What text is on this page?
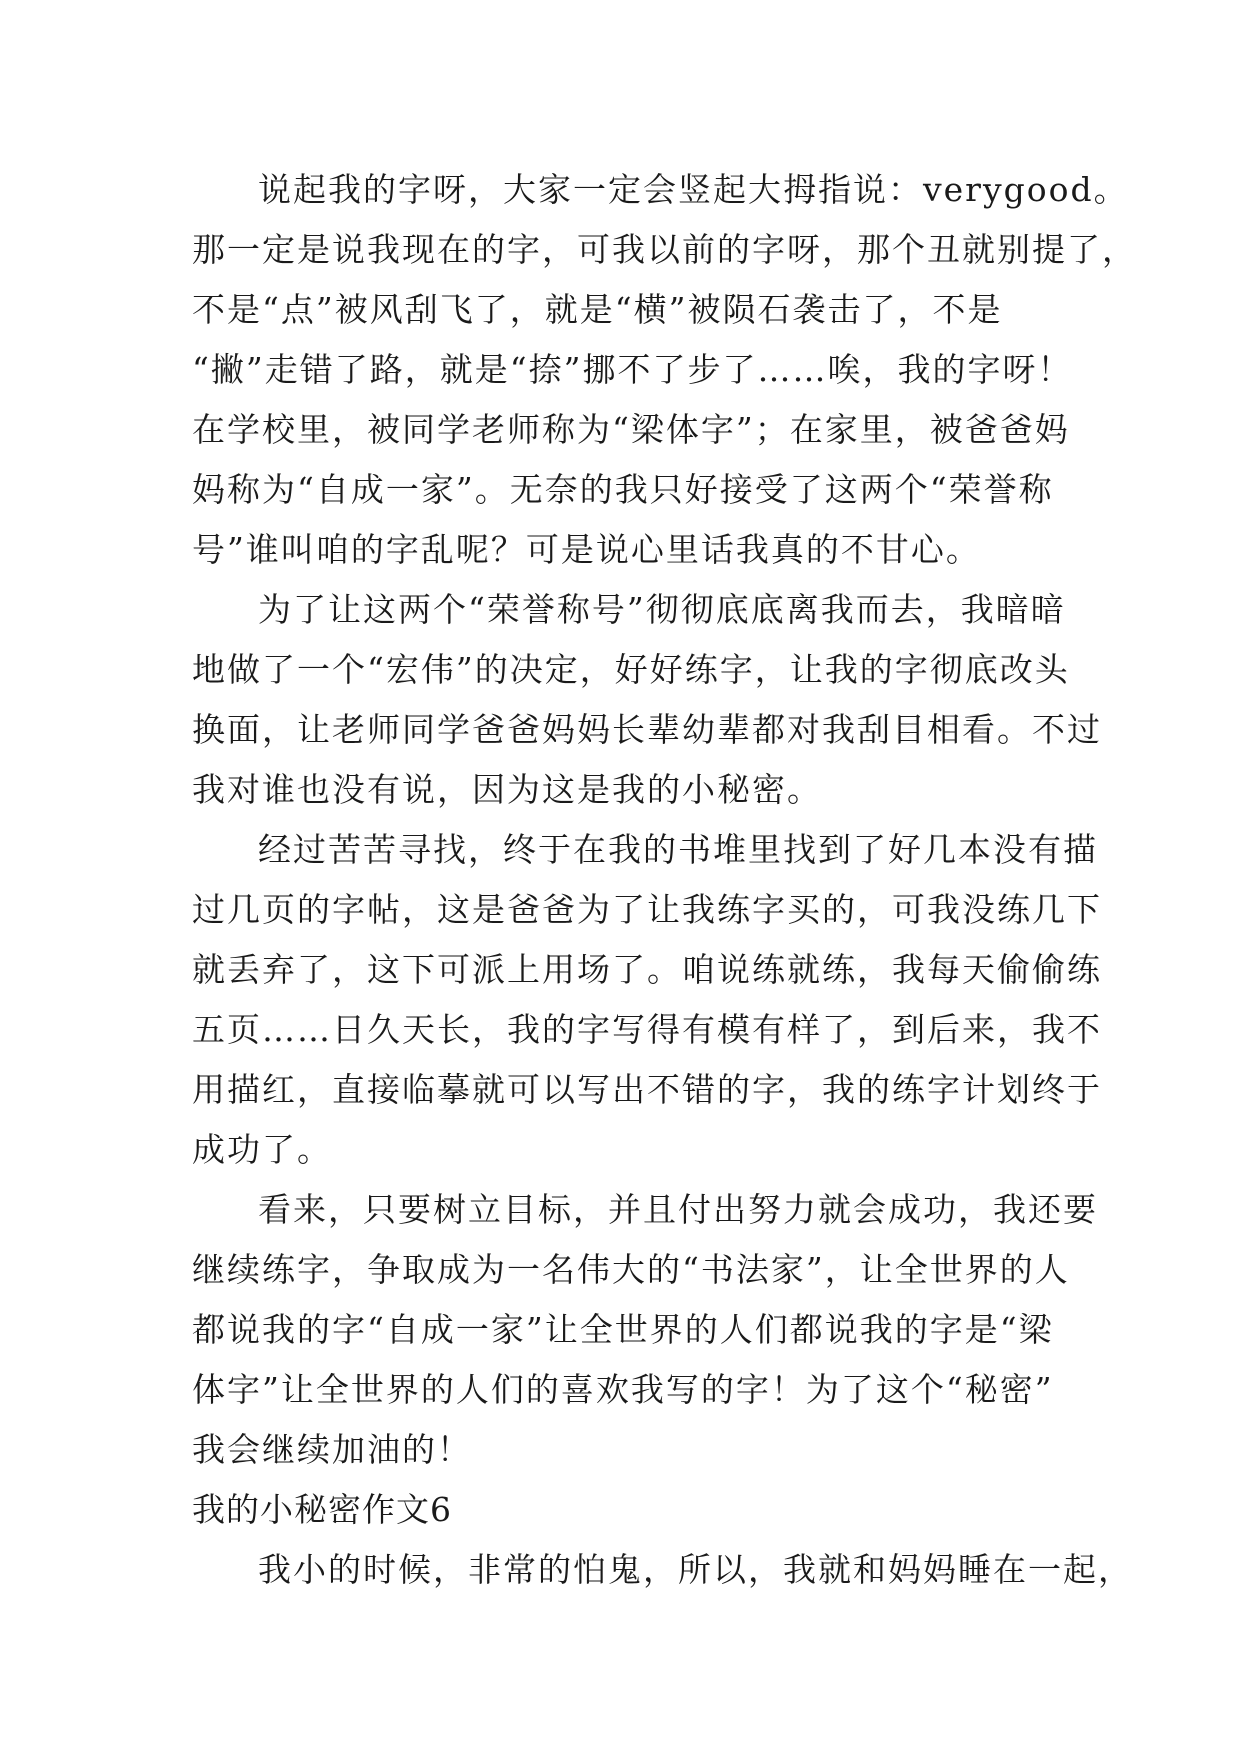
说起我的字呀，大家一定会竖起大拇指说：verygood。
那一定是说我现在的字，可我以前的字呀，那个丑就别提了，
不是“点”被风刮飞了，就是“横”被陨石袭击了，不是
“撇”走错了路，就是“捺”挪不了步了……唉，我的字呀！
在学校里，被同学老师称为“梁体字”；在家里，被爸爸妈
妈称为“自成一家”。无奈的我只好接受了这两个“荣誉称
号”谁叫咱的字乱呢？可是说心里话我真的不甘心。
为了让这两个“荣誉称号”彻彻底底离我而去，我暗暗
地做了一个“宏伟”的决定，好好练字，让我的字彻底改头
换面，让老师同学爸爸妈妈长辈幼辈都对我刮目相看。不过
我对谁也没有说，因为这是我的小秘密。
经过苦苦寻找，终于在我的书堆里找到了好几本没有描
过几页的字帖，这是爸爸为了让我练字买的，可我没练几下
就丢弃了，这下可派上用场了。咱说练就练，我每天偷偷练
五页……日久天长，我的字写得有模有样了，到后来，我不
用描红，直接临摹就可以写出不错的字，我的练字计划终于
成功了。
看来，只要树立目标，并且付出努力就会成功，我还要
继续练字，争取成为一名伟大的“书法家”，让全世界的人
都说我的字“自成一家”让全世界的人们都说我的字是“梁
体字”让全世界的人们的喜欢我写的字！为了这个“秘密”
我会继续加油的！
我的小秘密作文6
我小的时候，非常的怕鬼，所以，我就和妈妈睡在一起，
